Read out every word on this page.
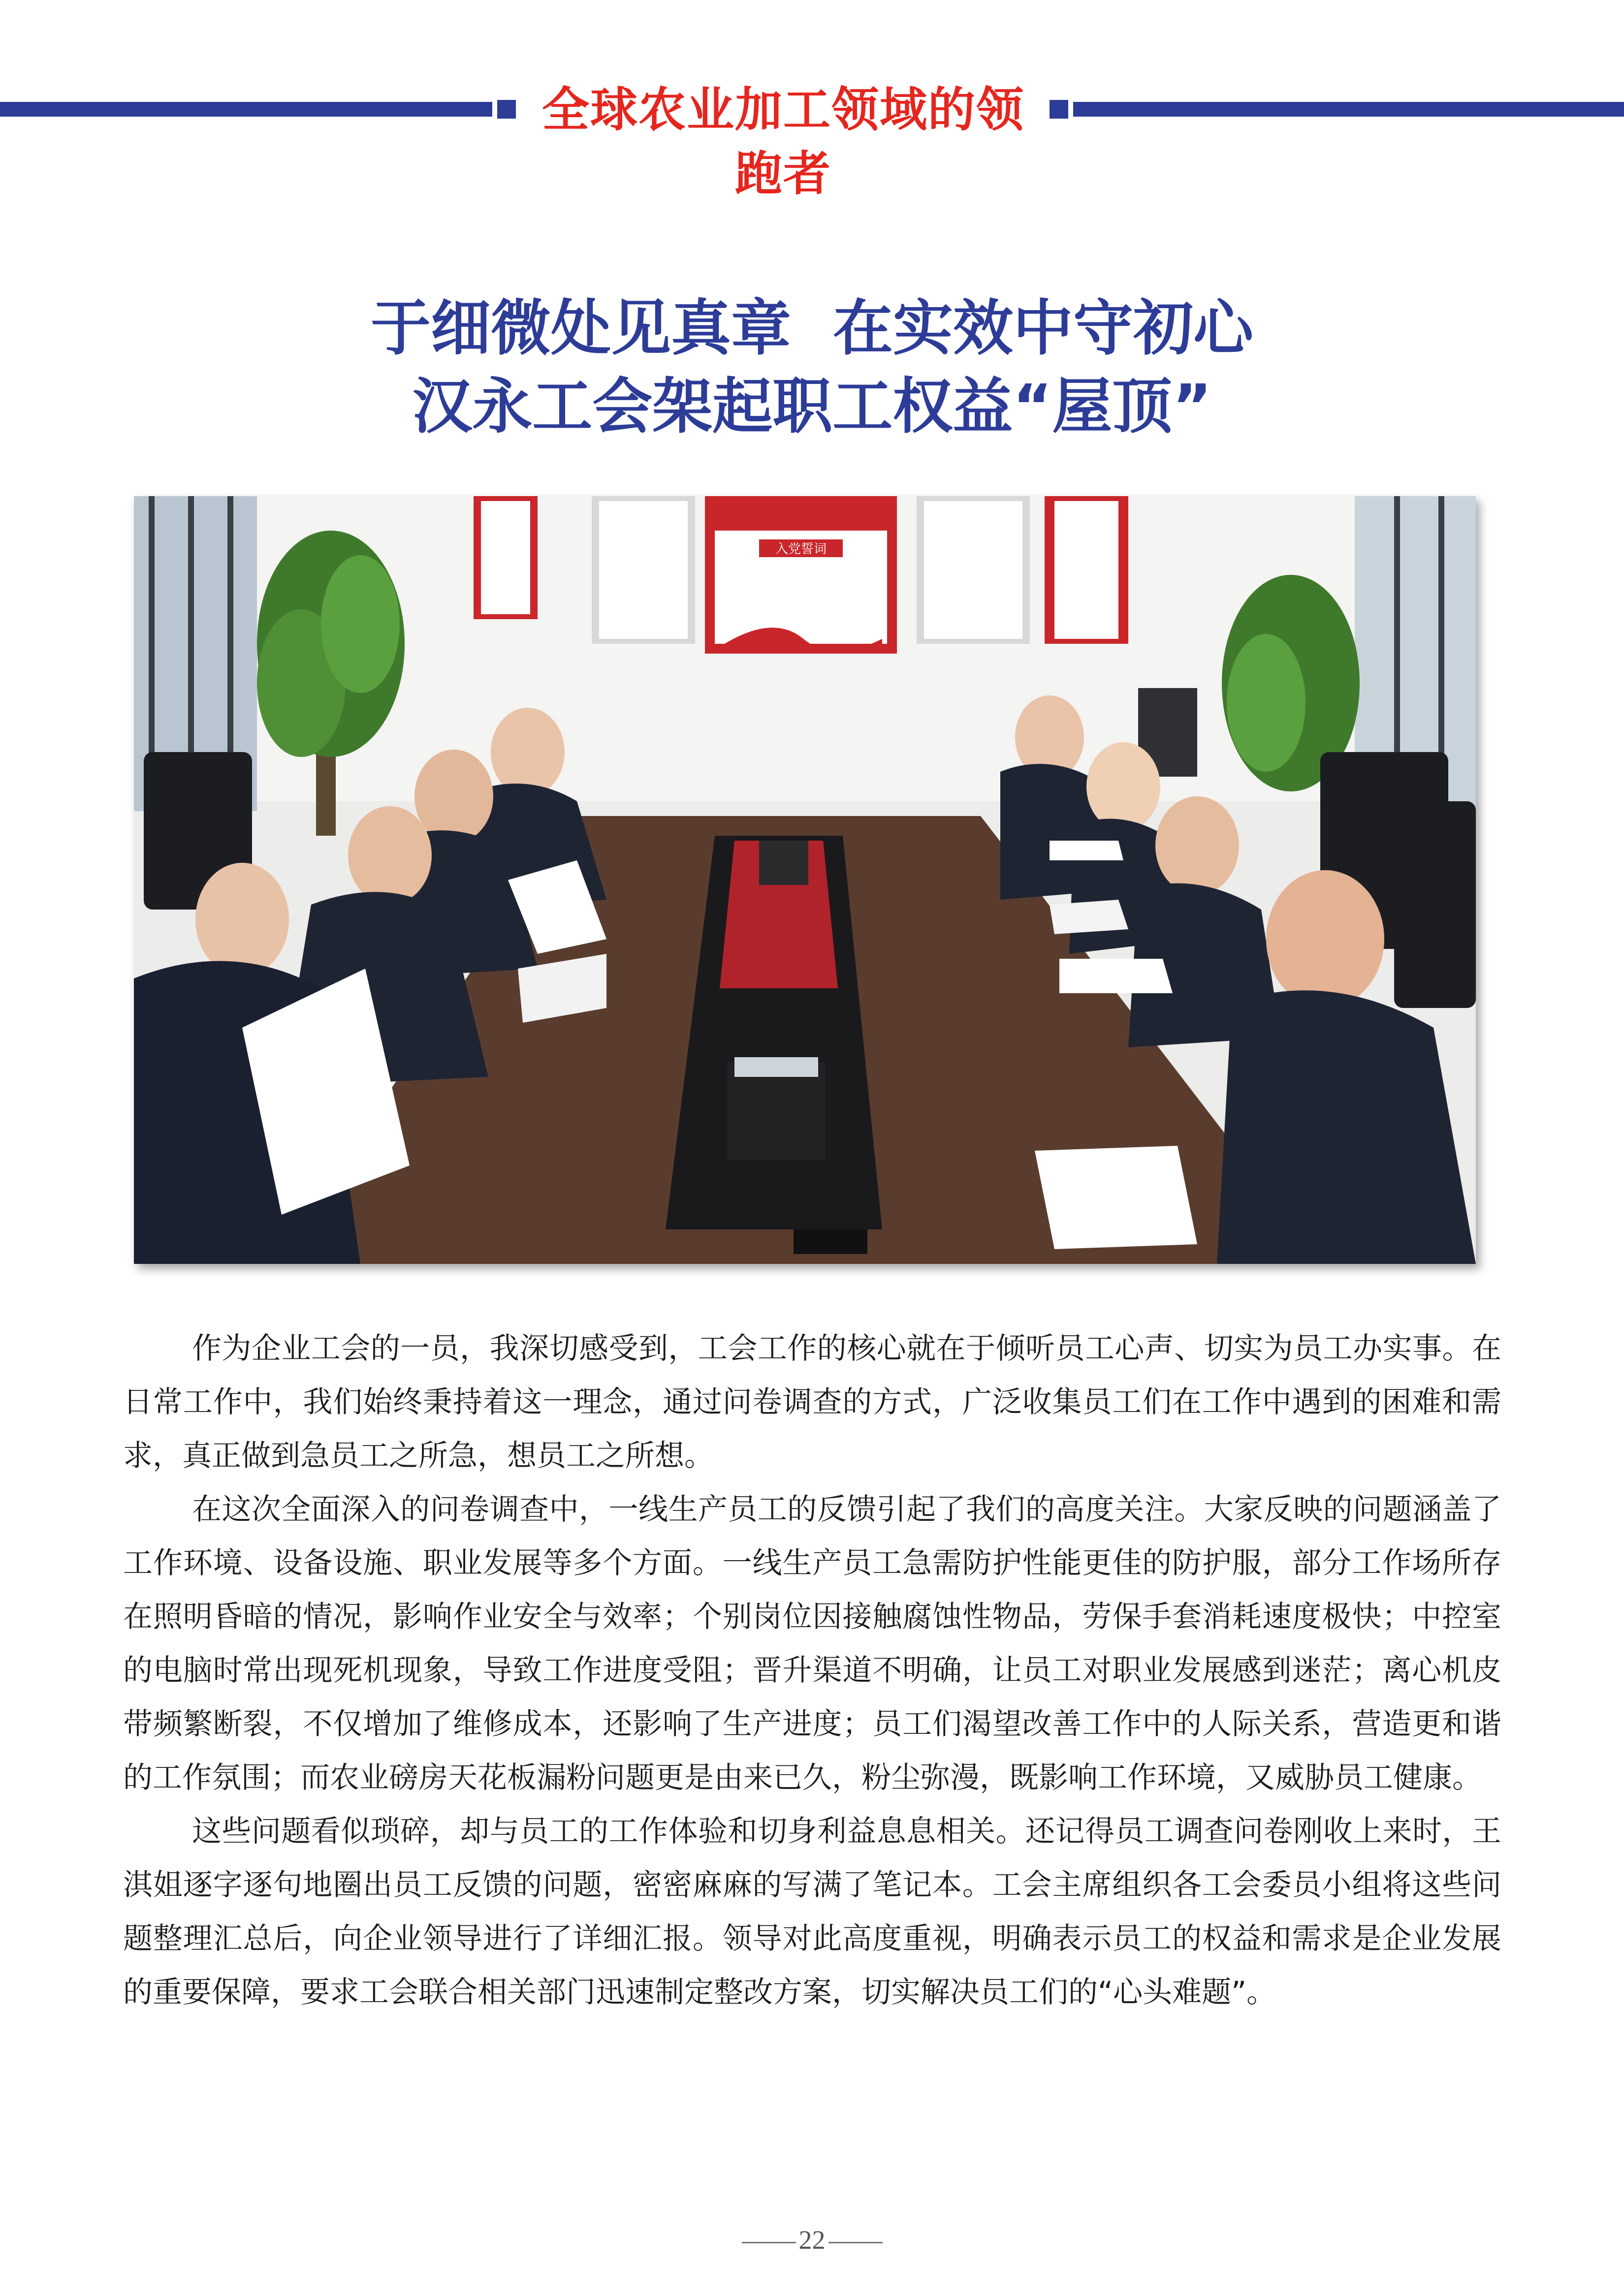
全球农业加工领域的领跑者
于细微处见真章  在实效中守初心
汉永工会架起职工权益“屋顶”
入党誓词

作为企业工会的一员，我深切感受到，工会工作的核心就在于倾听员工心声、切实为员工办实事。在日常工作中，我们始终秉持着这一理念，通过问卷调查的方式，广泛收集员工们在工作中遇到的困难和需求，真正做到急员工之所急，想员工之所想。

在这次全面深入的问卷调查中，一线生产员工的反馈引起了我们的高度关注。大家反映的问题涵盖了工作环境、设备设施、职业发展等多个方面。一线生产员工急需防护性能更佳的防护服，部分工作场所存在照明昏暗的情况，影响作业安全与效率；个别岗位因接触腐蚀性物品，劳保手套消耗速度极快；中控室的电脑时常出现死机现象，导致工作进度受阻；晋升渠道不明确，让员工对职业发展感到迷茫；离心机皮带频繁断裂，不仅增加了维修成本，还影响了生产进度；员工们渴望改善工作中的人际关系，营造更和谐的工作氛围；而农业磅房天花板漏粉问题更是由来已久，粉尘弥漫，既影响工作环境，又威胁员工健康。

这些问题看似琐碎，却与员工的工作体验和切身利益息息相关。还记得员工调查问卷刚收上来时，王淇姐逐字逐句地圈出员工反馈的问题，密密麻麻的写满了笔记本。工会主席组织各工会委员小组将这些问题整理汇总后，向企业领导进行了详细汇报。领导对此高度重视，明确表示员工的权益和需求是企业发展的重要保障，要求工会联合相关部门迅速制定整改方案，切实解决员工们的“心头难题”。

22
